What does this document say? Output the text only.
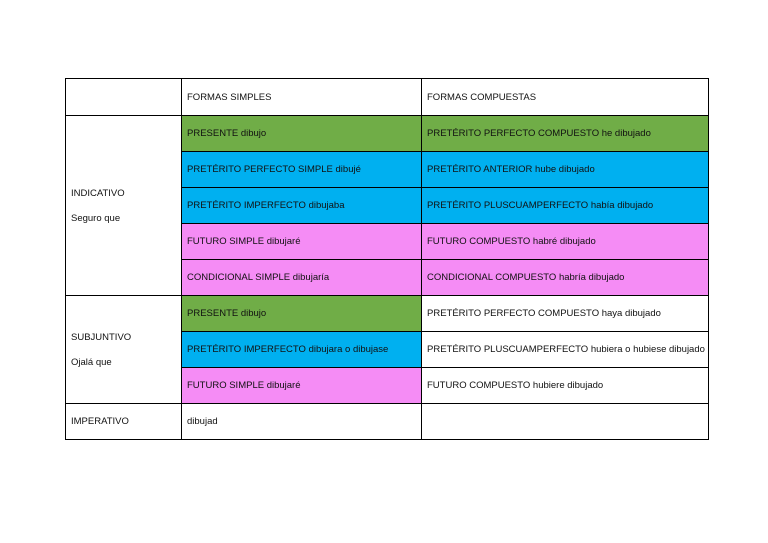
	FORMAS SIMPLES	FORMAS COMPUESTAS

INDICATIVO
Seguro que	PRESENTE dibujo	PRETÉRITO PERFECTO COMPUESTO he dibujado
	PRETÉRITO PERFECTO SIMPLE dibujé	PRETÉRITO ANTERIOR hube dibujado
	PRETÉRITO IMPERFECTO dibujaba	PRETÉRITO PLUSCUAMPERFECTO había dibujado
	FUTURO SIMPLE dibujaré	FUTURO COMPUESTO habré dibujado
	CONDICIONAL SIMPLE dibujaría	CONDICIONAL COMPUESTO habría dibujado

SUBJUNTIVO
Ojalá que	PRESENTE dibujo	PRETÉRITO PERFECTO COMPUESTO haya dibujado
	PRETÉRITO IMPERFECTO dibujara o dibujase	PRETÉRITO PLUSCUAMPERFECTO hubiera o hubiese dibujado
	FUTURO SIMPLE dibujaré	FUTURO COMPUESTO hubiere dibujado

IMPERATIVO	dibujad	
